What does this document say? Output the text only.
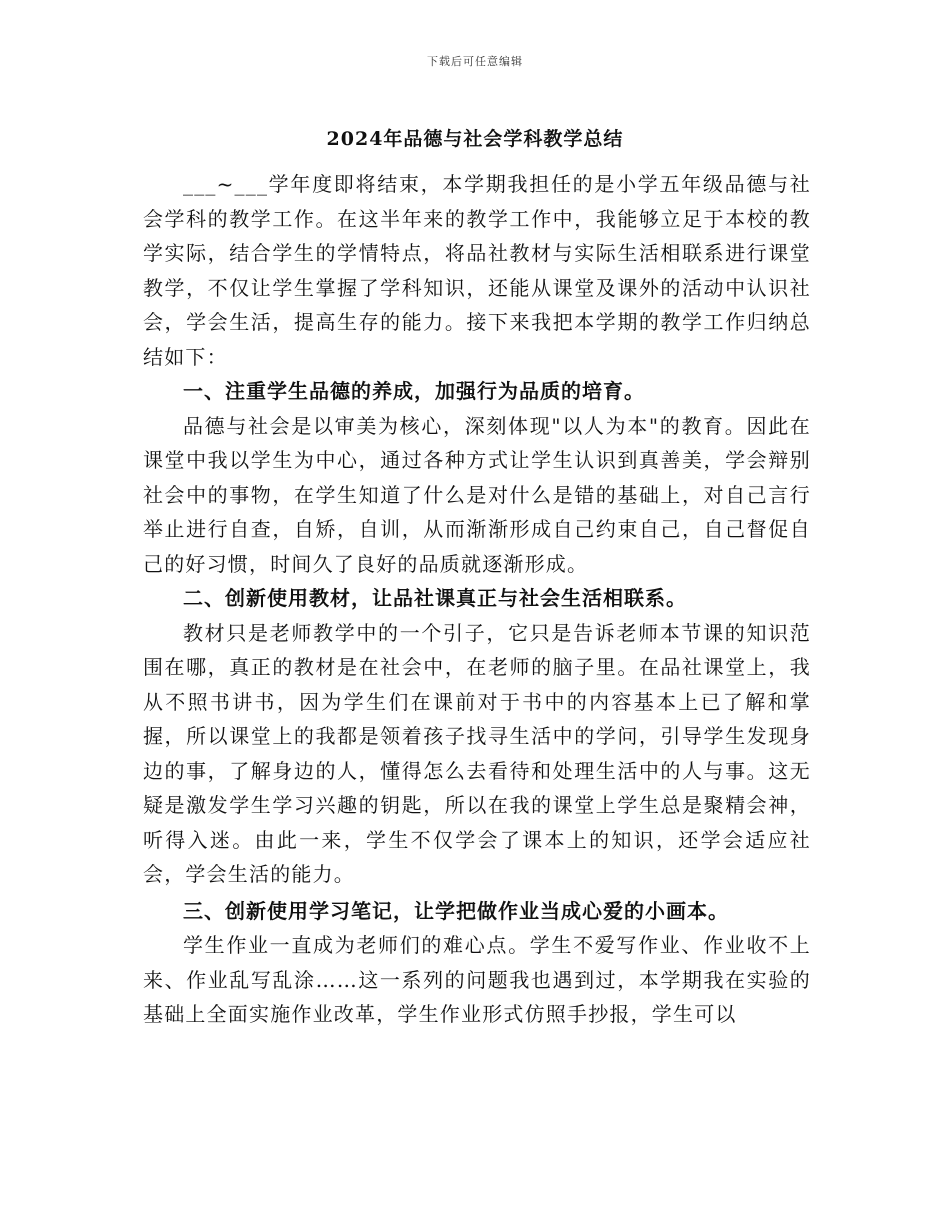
下载后可任意编辑
2024年品德与社会学科教学总结

___~___学年度即将结束，本学期我担任的是小学五年级品德与社会学科的教学工作。在这半年来的教学工作中，我能够立足于本校的教学实际，结合学生的学情特点，将品社教材与实际生活相联系进行课堂教学，不仅让学生掌握了学科知识，还能从课堂及课外的活动中认识社会，学会生活，提高生存的能力。接下来我把本学期的教学工作归纳总结如下：

一、注重学生品德的养成，加强行为品质的培育。

品德与社会是以审美为核心，深刻体现"以人为本"的教育。因此在课堂中我以学生为中心，通过各种方式让学生认识到真善美，学会辩别社会中的事物，在学生知道了什么是对什么是错的基础上，对自己言行举止进行自查，自矫，自训，从而渐渐形成自己约束自己，自己督促自己的好习惯，时间久了良好的品质就逐渐形成。

二、创新使用教材，让品社课真正与社会生活相联系。

教材只是老师教学中的一个引子，它只是告诉老师本节课的知识范围在哪，真正的教材是在社会中，在老师的脑子里。在品社课堂上，我从不照书讲书，因为学生们在课前对于书中的内容基本上已了解和掌握，所以课堂上的我都是领着孩子找寻生活中的学问，引导学生发现身边的事，了解身边的人，懂得怎么去看待和处理生活中的人与事。这无疑是激发学生学习兴趣的钥匙，所以在我的课堂上学生总是聚精会神，听得入迷。由此一来，学生不仅学会了课本上的知识，还学会适应社会，学会生活的能力。

三、创新使用学习笔记，让学把做作业当成心爱的小画本。

学生作业一直成为老师们的难心点。学生不爱写作业、作业收不上来、作业乱写乱涂……这一系列的问题我也遇到过，本学期我在实验的基础上全面实施作业改革，学生作业形式仿照手抄报，学生可以
